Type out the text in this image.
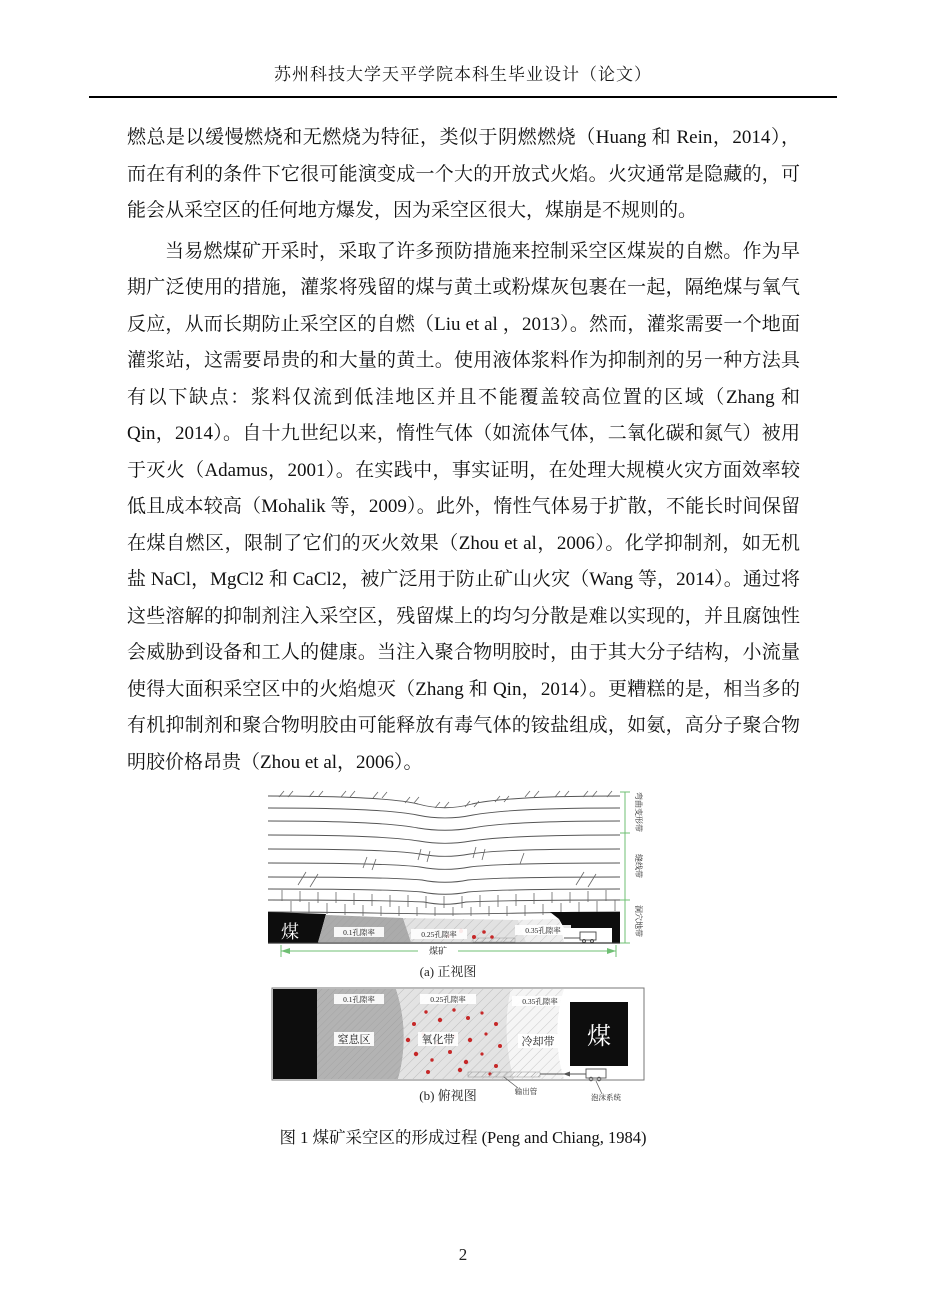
苏州科技大学天平学院本科生毕业设计（论文）

燃总是以缓慢燃烧和无燃烧为特征，类似于阴燃燃烧（Huang 和 Rein，2014），而在有利的条件下它很可能演变成一个大的开放式火焰。火灾通常是隐藏的，可能会从采空区的任何地方爆发，因为采空区很大，煤崩是不规则的。

当易燃煤矿开采时，采取了许多预防措施来控制采空区煤炭的自燃。作为早期广泛使用的措施，灌浆将残留的煤与黄土或粉煤灰包裹在一起，隔绝煤与氧气反应，从而长期防止采空区的自燃（Liu et al ，2013）。然而，灌浆需要一个地面灌浆站，这需要昂贵的和大量的黄土。使用液体浆料作为抑制剂的另一种方法具有以下缺点：浆料仅流到低洼地区并且不能覆盖较高位置的区域（Zhang 和 Qin，2014）。自十九世纪以来，惰性气体（如流体气体，二氧化碳和氮气）被用于灭火（Adamus，2001）。在实践中，事实证明，在处理大规模火灾方面效率较低且成本较高（Mohalik 等，2009）。此外，惰性气体易于扩散，不能长时间保留在煤自燃区，限制了它们的灭火效果（Zhou et al，2006）。化学抑制剂，如无机盐 NaCl，MgCl2 和 CaCl2，被广泛用于防止矿山火灾（Wang 等，2014）。通过将这些溶解的抑制剂注入采空区，残留煤上的均匀分散是难以实现的，并且腐蚀性会威胁到设备和工人的健康。当注入聚合物明胶时，由于其大分子结构，小流量使得大面积采空区中的火焰熄灭（Zhang 和 Qin，2014）。更糟糕的是，相当多的有机抑制剂和聚合物明胶由可能释放有毒气体的铵盐组成，如氨，高分子聚合物明胶价格昂贵（Zhou et al，2006）。

煤	0.1孔隙率	0.25孔隙率	0.35孔隙率
弯曲变形带
缝线带
洞穴地带
煤矿
(a) 正视图
窒息区	氧化带	冷却带
0.1孔隙率	0.25孔隙率	0.35孔隙率
煤
输出管
泡沫系统
(b) 俯视图
图 1 煤矿采空区的形成过程 (Peng and Chiang, 1984)
2
